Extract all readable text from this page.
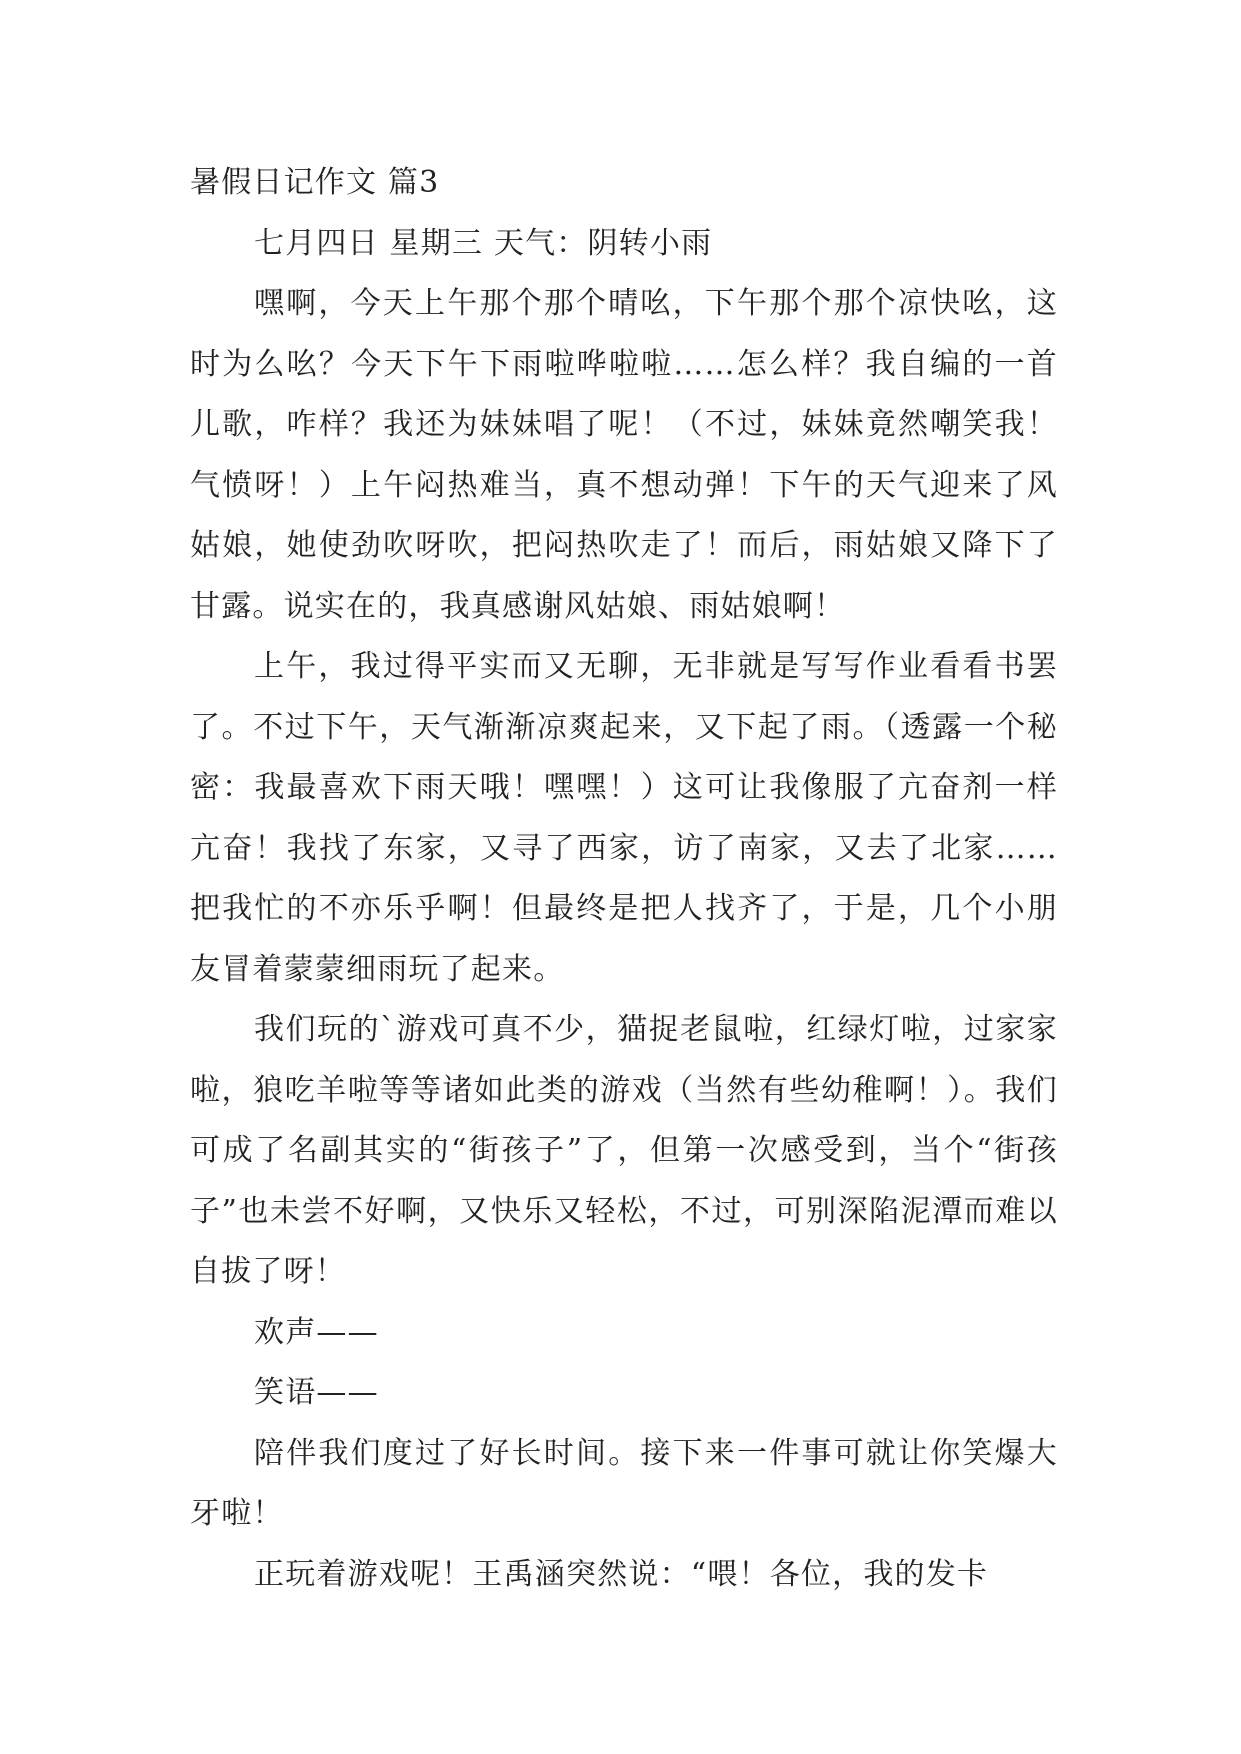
暑假日记作文 篇3

七月四日 星期三 天气：阴转小雨

嘿啊，今天上午那个那个晴吆，下午那个那个凉快吆，这时为么吆？今天下午下雨啦哗啦啦……怎么样？我自编的一首儿歌，咋样？我还为妹妹唱了呢！（不过，妹妹竟然嘲笑我！气愤呀！）上午闷热难当，真不想动弹！下午的天气迎来了风姑娘，她使劲吹呀吹，把闷热吹走了！而后，雨姑娘又降下了甘露。说实在的，我真感谢风姑娘、雨姑娘啊！

上午，我过得平实而又无聊，无非就是写写作业看看书罢了。不过下午，天气渐渐凉爽起来，又下起了雨。（透露一个秘密：我最喜欢下雨天哦！嘿嘿！）这可让我像服了亢奋剂一样亢奋！我找了东家，又寻了西家，访了南家，又去了北家……把我忙的不亦乐乎啊！但最终是把人找齐了，于是，几个小朋友冒着蒙蒙细雨玩了起来。

我们玩的`游戏可真不少，猫捉老鼠啦，红绿灯啦，过家家啦，狼吃羊啦等等诸如此类的游戏（当然有些幼稚啊！）。我们可成了名副其实的“街孩子”了，但第一次感受到，当个“街孩子”也未尝不好啊，又快乐又轻松，不过，可别深陷泥潭而难以自拔了呀！

欢声——

笑语——

陪伴我们度过了好长时间。接下来一件事可就让你笑爆大牙啦！

正玩着游戏呢！王禹涵突然说：“喂！各位，我的发卡
